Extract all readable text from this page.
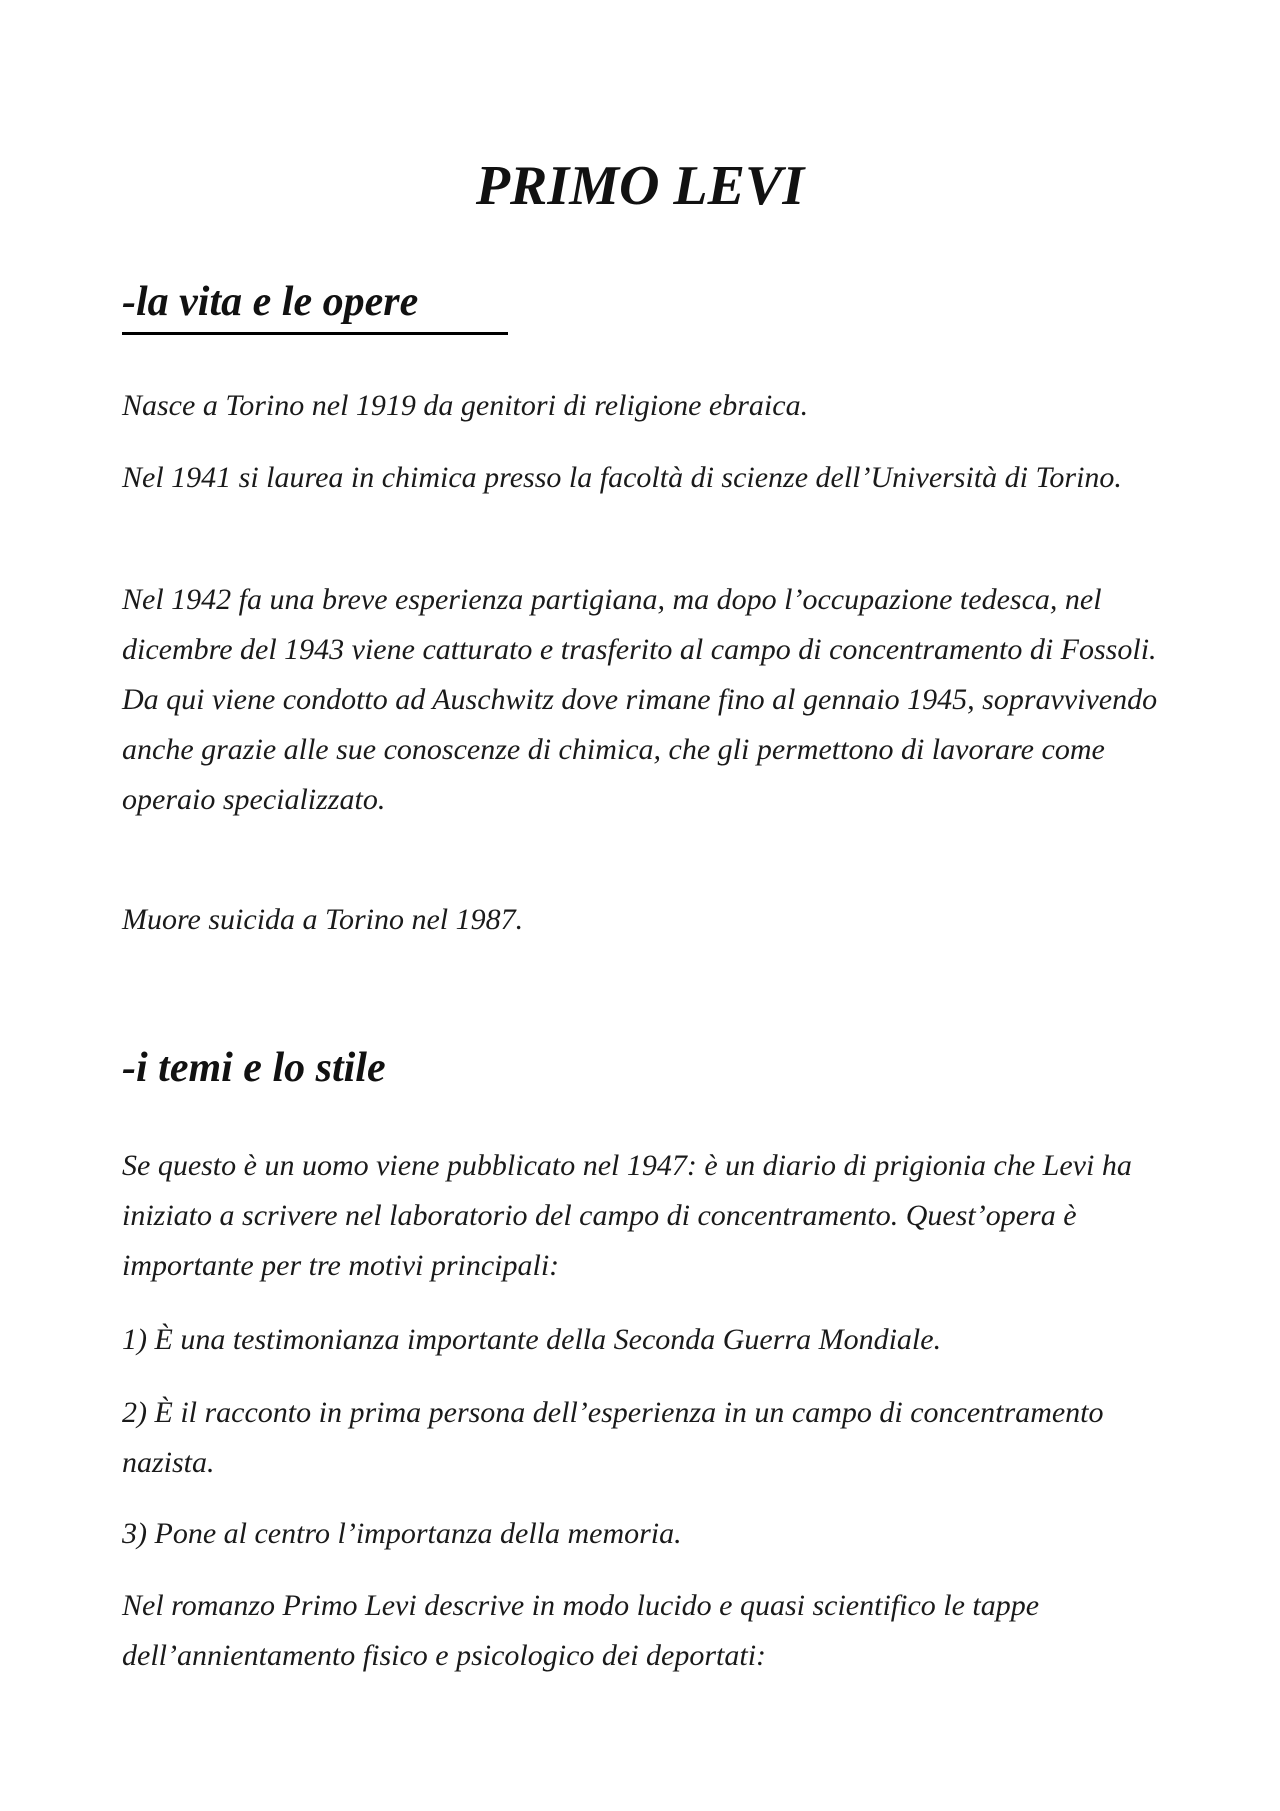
PRIMO LEVI
-la vita e le opere

Nasce a Torino nel 1919 da genitori di religione ebraica.

Nel 1941 si laurea in chimica presso la facoltà di scienze dell’Università di Torino.

Nel 1942 fa una breve esperienza partigiana, ma dopo l’occupazione tedesca, nel dicembre del 1943 viene catturato e trasferito al campo di concentramento di Fossoli. Da qui viene condotto ad Auschwitz dove rimane fino al gennaio 1945, sopravvivendo anche grazie alle sue conoscenze di chimica, che gli permettono di lavorare come operaio specializzato.

Muore suicida a Torino nel 1987.

-i temi e lo stile

Se questo è un uomo viene pubblicato nel 1947: è un diario di prigionia che Levi ha iniziato a scrivere nel laboratorio del campo di concentramento. Quest’opera è importante per tre motivi principali:

1) È una testimonianza importante della Seconda Guerra Mondiale.

2) È il racconto in prima persona dell’esperienza in un campo di concentramento nazista.

3) Pone al centro l’importanza della memoria.

Nel romanzo Primo Levi descrive in modo lucido e quasi scientifico le tappe dell’annientamento fisico e psicologico dei deportati:
